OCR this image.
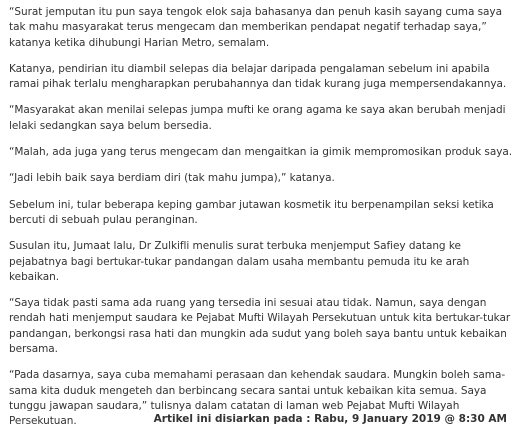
“Surat jemputan itu pun saya tengok elok saja bahasanya dan penuh kasih sayang cuma saya tak mahu masyarakat terus mengecam dan memberikan pendapat negatif terhadap saya,” katanya ketika dihubungi Harian Metro, semalam.

Katanya, pendirian itu diambil selepas dia belajar daripada pengalaman sebelum ini apabila ramai pihak terlalu mengharapkan perubahannya dan tidak kurang juga mempersendakannya.

“Masyarakat akan menilai selepas jumpa mufti ke orang agama ke saya akan berubah menjadi lelaki sedangkan saya belum bersedia.

“Malah, ada juga yang terus mengecam dan mengaitkan ia gimik mempromosikan produk saya.

“Jadi lebih baik saya berdiam diri (tak mahu jumpa),” katanya.

Sebelum ini, tular beberapa keping gambar jutawan kosmetik itu berpenampilan seksi ketika bercuti di sebuah pulau peranginan.

Susulan itu, Jumaat lalu, Dr Zulkifli menulis surat terbuka menjemput Safiey datang ke pejabatnya bagi bertukar-tukar pandangan dalam usaha membantu pemuda itu ke arah kebaikan.

“Saya tidak pasti sama ada ruang yang tersedia ini sesuai atau tidak. Namun, saya dengan rendah hati menjemput saudara ke Pejabat Mufti Wilayah Persekutuan untuk kita bertukar-tukar pandangan, berkongsi rasa hati dan mungkin ada sudut yang boleh saya bantu untuk kebaikan bersama.

“Pada dasarnya, saya cuba memahami perasaan dan kehendak saudara. Mungkin boleh sama-sama kita duduk mengeteh dan berbincang secara santai untuk kebaikan kita semua. Saya tunggu jawapan saudara,” tulisnya dalam catatan di laman web Pejabat Mufti Wilayah Persekutuan.	Artikel ini disiarkan pada : Rabu, 9 January 2019 @ 8:30 AM
